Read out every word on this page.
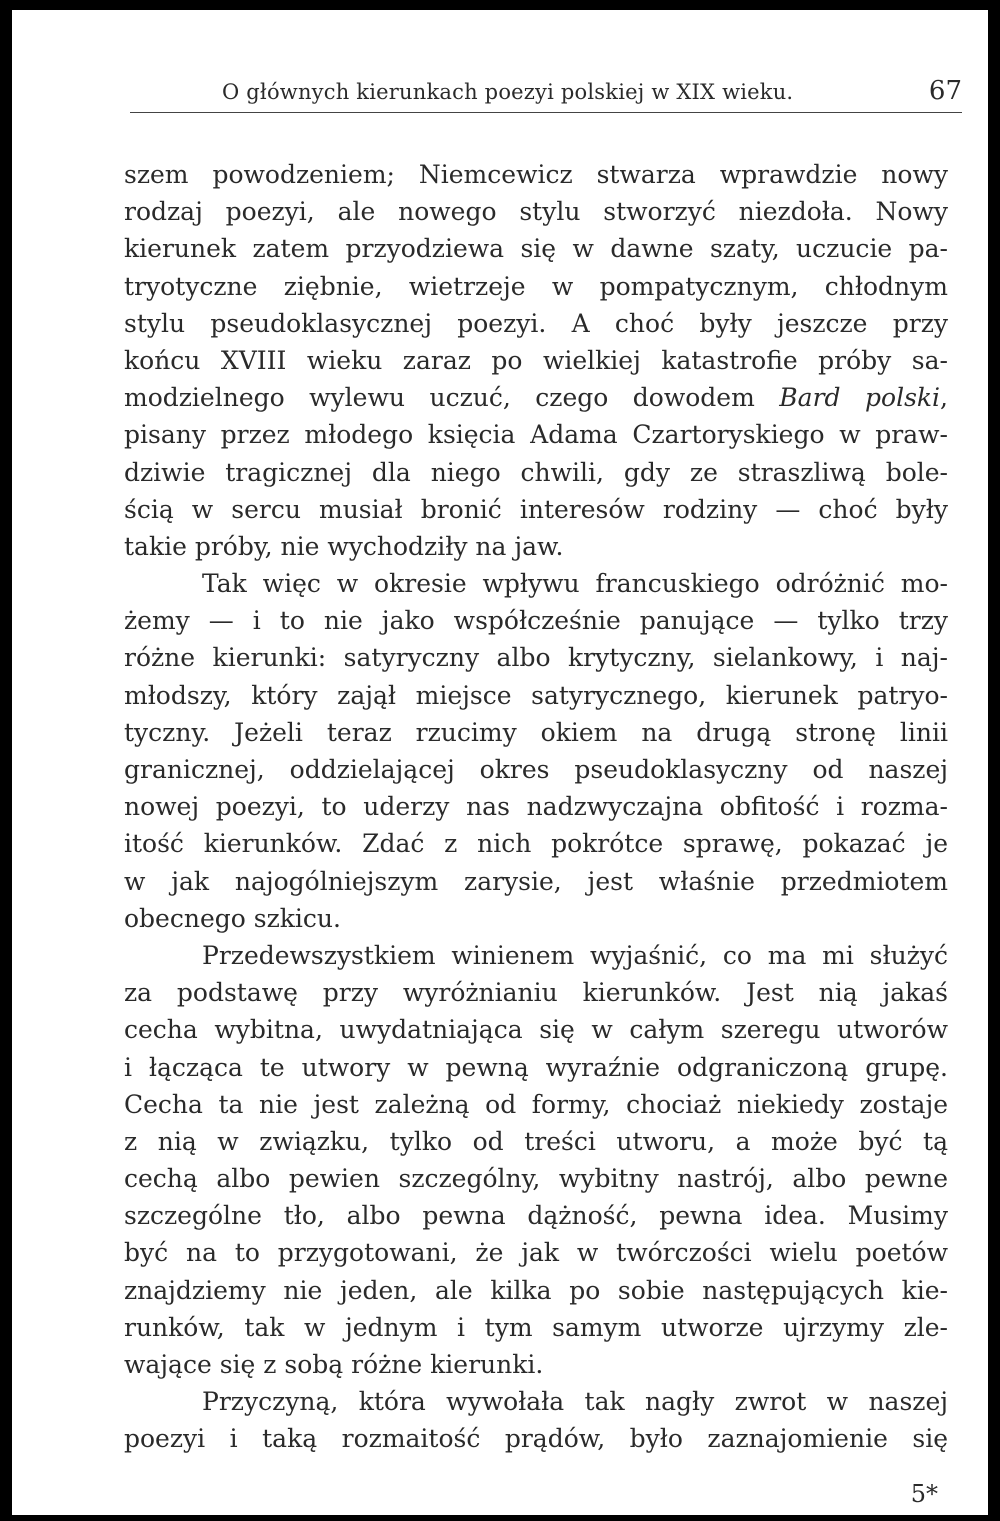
O głównych kierunkach poezyi polskiej w XIX wieku.	67
szem powodzeniem; Niemcewicz stwarza wprawdzie nowy
rodzaj poezyi, ale nowego stylu stworzyć niezdoła. Nowy
kierunek zatem przyodziewa się w dawne szaty, uczucie pa-
tryotyczne ziębnie, wietrzeje w pompatycznym, chłodnym
stylu pseudoklasycznej poezyi. A choć były jeszcze przy
końcu XVIII wieku zaraz po wielkiej katastrofie próby sa-
modzielnego wylewu uczuć, czego dowodem Bard polski,
pisany przez młodego księcia Adama Czartoryskiego w praw-
dziwie tragicznej dla niego chwili, gdy ze straszliwą bole-
ścią w sercu musiał bronić interesów rodziny — choć były
takie próby, nie wychodziły na jaw.
Tak więc w okresie wpływu francuskiego odróżnić mo-
żemy — i to nie jako współcześnie panujące — tylko trzy
różne kierunki: satyryczny albo krytyczny, sielankowy, i naj-
młodszy, który zajął miejsce satyrycznego, kierunek patryo-
tyczny. Jeżeli teraz rzucimy okiem na drugą stronę linii
granicznej, oddzielającej okres pseudoklasyczny od naszej
nowej poezyi, to uderzy nas nadzwyczajna obfitość i rozma-
itość kierunków. Zdać z nich pokrótce sprawę, pokazać je
w jak najogólniejszym zarysie, jest właśnie przedmiotem
obecnego szkicu.
Przedewszystkiem winienem wyjaśnić, co ma mi służyć
za podstawę przy wyróżnianiu kierunków. Jest nią jakaś
cecha wybitna, uwydatniająca się w całym szeregu utworów
i łącząca te utwory w pewną wyraźnie odgraniczoną grupę.
Cecha ta nie jest zależną od formy, chociaż niekiedy zostaje
z nią w związku, tylko od treści utworu, a może być tą
cechą albo pewien szczególny, wybitny nastrój, albo pewne
szczególne tło, albo pewna dążność, pewna idea. Musimy
być na to przygotowani, że jak w twórczości wielu poetów
znajdziemy nie jeden, ale kilka po sobie następujących kie-
runków, tak w jednym i tym samym utworze ujrzymy zle-
wające się z sobą różne kierunki.
Przyczyną, która wywołała tak nagły zwrot w naszej
poezyi i taką rozmaitość prądów, było zaznajomienie się
5*
